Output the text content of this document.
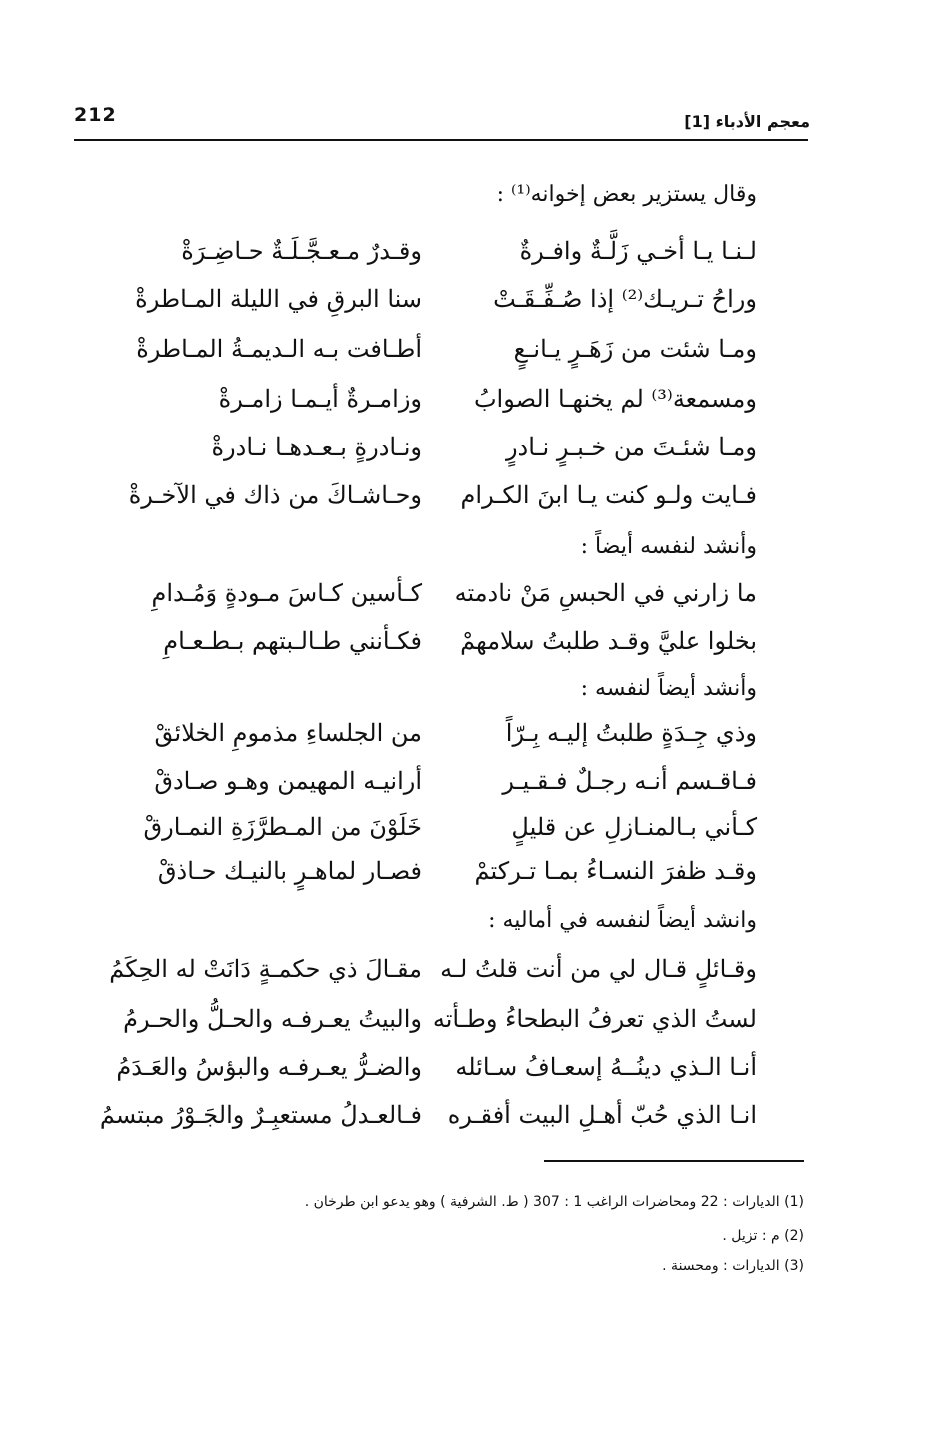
212	معجم الأدباء [1]
وقال يستزير بعض إخوانه⁽¹⁾ :
لـنـا يـا أخـي زَلَّـةٌ وافـرةٌ
وقـدرٌ مـعـجَّـلَـةٌ حـاضِـرَةْ
وراحُ تـريـك⁽²⁾ إذا صُـفِّـقَـتْ
سنا البرقِ في الليلة المـاطرةْ
ومـا شئت من زَهَـرٍ يـانـعٍ
أطـافت بـه الـديمـةُ المـاطرةْ
ومسمعة⁽³⁾ لم يخنهـا الصوابُ
وزامـرةٌ أيـمـا زامـرةْ
ومـا شئـتَ من خـبـرٍ نـادرٍ
ونـادرةٍ بـعـدهـا نـادرةْ
فـايت ولـو كنت يـا ابنَ الكـرام
وحـاشـاكَ من ذاك في الآخـرةْ
وأنشد لنفسه أيضاً :
ما زارني في الحبسِ مَنْ نادمته
كـأسين كـاسَ مـودةٍ وَمُـدامِ
بخلوا عليَّ وقـد طلبتُ سلامهمْ
فكـأنني طـالـبتهم بـطـعـامِ
وأنشد أيضاً لنفسه :
وذي جِـدَةٍ طلبتُ إليـه بِـرّاً
من الجلساءِ مذمومِ الخلائقْ
فـاقـسم أنـه رجـلٌ فـقـيـر
أرانيـه المهيمن وهـو صـادقْ
كـأني بـالمنـازلِ عن قليلٍ
خَلَوْنَ من المـطرَّزَةِ النمـارقْ
وقـد ظفرَ النسـاءُ بمـا تـركتمْ
فصـار لماهـرٍ بالنيـك حـاذقْ
وانشد أيضاً لنفسه في أماليه :
وقـائلٍ قـال لي من أنت قلتُ لـه
مقـالَ ذي حكمـةٍ دَانَتْ له الحِكَمُ
لستُ الذي تعرفُ البطحاءُ وطـأته
والبيتُ يعـرفـه والحـلُّ والحـرمُ
أنـا الـذي دينُــهُ إسعـافُ سـائله
والضـرُّ يعـرفـه والبؤسُ والعَـدَمُ
انـا الذي حُبّ أهـلِ البيت أفقـره
فـالعـدلُ مستعبِـرٌ والجَـوْرُ مبتسمُ
(1) الديارات : 22 ومحاضرات الراغب 1 : 307 ( ط. الشرفية ) وهو يدعو ابن طرخان .
(2) م : تزيل .
(3) الديارات : ومحسنة .
